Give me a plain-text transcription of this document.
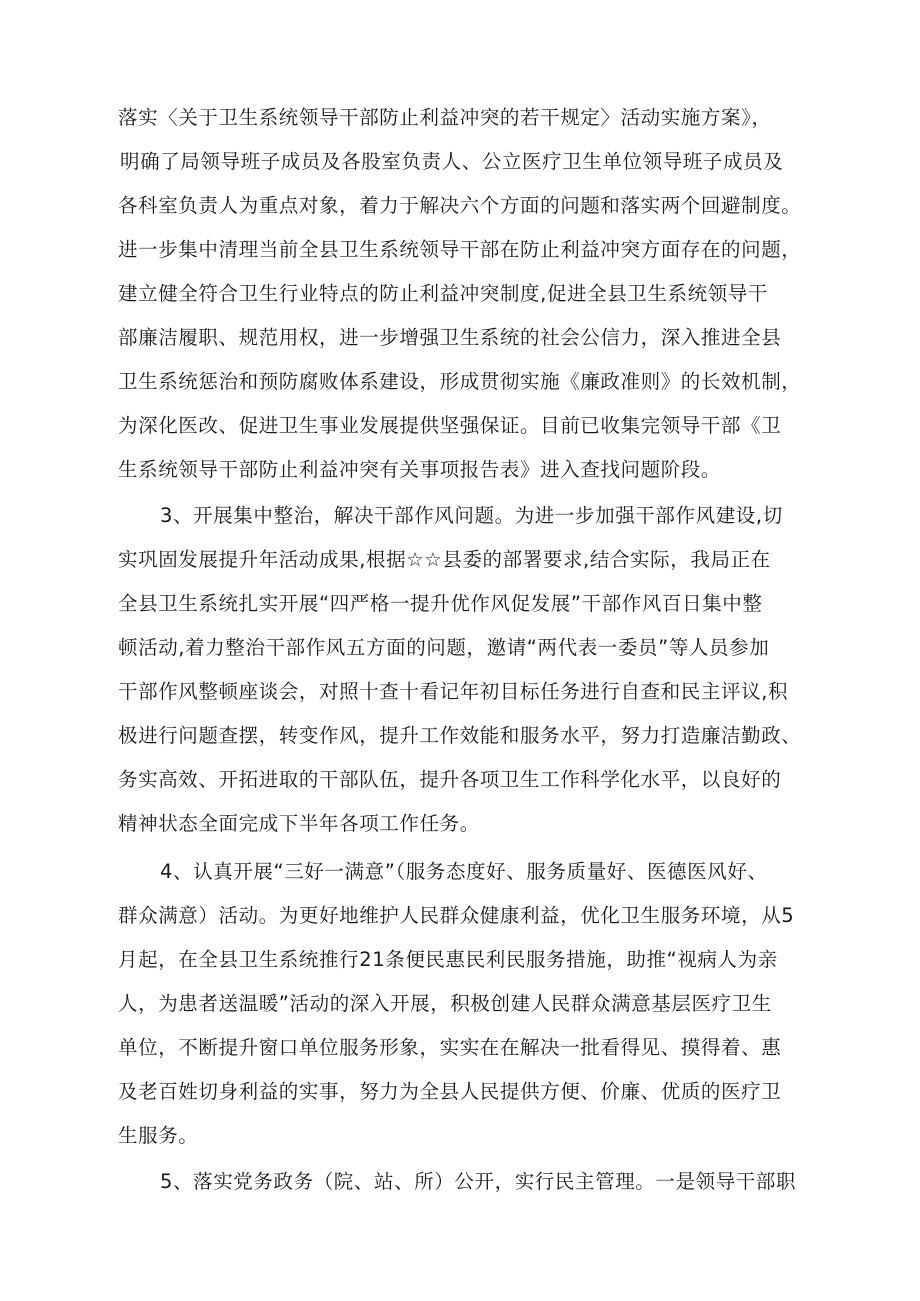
落实〈关于卫生系统领导干部防止利益冲突的若干规定〉活动实施方案》，
明确了局领导班子成员及各股室负责人、公立医疗卫生单位领导班子成员及
各科室负责人为重点对象，着力于解决六个方面的问题和落实两个回避制度。
进一步集中清理当前全县卫生系统领导干部在防止利益冲突方面存在的问题，
建立健全符合卫生行业特点的防止利益冲突制度,促进全县卫生系统领导干
部廉洁履职、规范用权，进一步增强卫生系统的社会公信力，深入推进全县
卫生系统惩治和预防腐败体系建设，形成贯彻实施《廉政准则》的长效机制，
为深化医改、促进卫生事业发展提供坚强保证。目前已收集完领导干部《卫
生系统领导干部防止利益冲突有关事项报告表》进入查找问题阶段。
3、开展集中整治，解决干部作风问题。为进一步加强干部作风建设,切
实巩固发展提升年活动成果,根据☆☆县委的部署要求,结合实际，我局正在
全县卫生系统扎实开展“四严格一提升优作风促发展”干部作风百日集中整
顿活动,着力整治干部作风五方面的问题，邀请“两代表一委员”等人员参加
干部作风整顿座谈会，对照十查十看记年初目标任务进行自查和民主评议,积
极进行问题查摆，转变作风，提升工作效能和服务水平，努力打造廉洁勤政、
务实高效、开拓进取的干部队伍，提升各项卫生工作科学化水平，以良好的
精神状态全面完成下半年各项工作任务。
4、认真开展“三好一满意”（服务态度好、服务质量好、医德医风好、
群众满意）活动。为更好地维护人民群众健康利益，优化卫生服务环境，从5
月起，在全县卫生系统推行21条便民惠民利民服务措施，助推“视病人为亲
人，为患者送温暖”活动的深入开展，积极创建人民群众满意基层医疗卫生
单位，不断提升窗口单位服务形象，实实在在解决一批看得见、摸得着、惠
及老百姓切身利益的实事，努力为全县人民提供方便、价廉、优质的医疗卫
生服务。
5、落实党务政务（院、站、所）公开，实行民主管理。一是领导干部职
